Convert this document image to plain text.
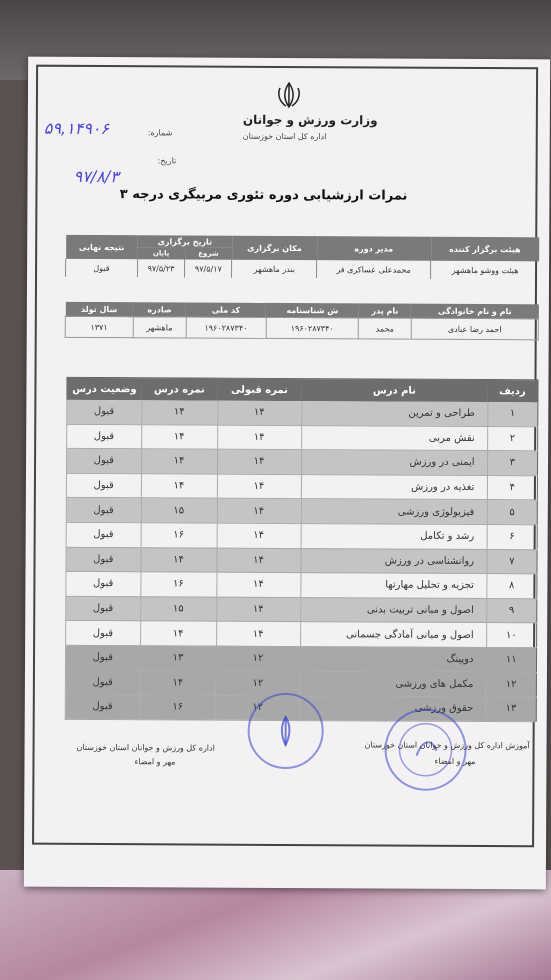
وزارت ورزش و جوانان
اداره کل استان خوزستان
شماره:
۵۹,۱۴۹۰۶
تاریخ:
۹۷/۸/۳
نمرات ارزشیابی دوره تئوری مربیگری درجه ۳
هیئت برگزار کننده	مدیر دوره	مکان برگزاری	تاریخ برگزاری		نتیجه نهایی
			شروع	پایان	
هیئت ووشو ماهشهر	محمدعلی عساکری فر	بندر ماهشهر	۹۷/۵/۱۷	۹۷/۵/۲۳	قبول
نام و نام خانوادگی	نام پدر	ش شناسنامه	کد ملی	صادره	سال تولد
احمد رضا عبادی	محمد	۱۹۶۰۲۸۷۳۴۰	۱۹۶۰۲۸۷۳۴۰	ماهشهر	۱۳۷۱
ردیف	نام درس	نمره قبولی	نمره درس	وضعیت درس
۱	طراحی و تمرین	۱۴	۱۴	قبول
۲	نقش مربی	۱۴	۱۴	قبول
۳	ایمنی در ورزش	۱۴	۱۴	قبول
۴	تغذیه در ورزش	۱۴	۱۴	قبول
۵	فیزیولوژی ورزشی	۱۴	۱۵	قبول
۶	رشد و تکامل	۱۴	۱۶	قبول
۷	روانشناسی در ورزش	۱۴	۱۴	قبول
۸	تجزیه و تحلیل مهارتها	۱۴	۱۶	قبول
۹	اصول و مبانی تربیت بدنی	۱۴	۱۵	قبول
۱۰	اصول و مبانی آمادگی جسمانی	۱۴	۱۴	قبول
۱۱	دوپینگ	۱۲	۱۳	قبول
۱۲	مکمل های ورزشی	۱۲	۱۴	قبول
۱۳	حقوق ورزشی	۱۲	۱۶	قبول
اداره کل ورزش و جوانان استان خوزستان
مهر و امضاء
آموزش اداره کل ورزش و جوانان استان خوزستان
مهر و امضاء
